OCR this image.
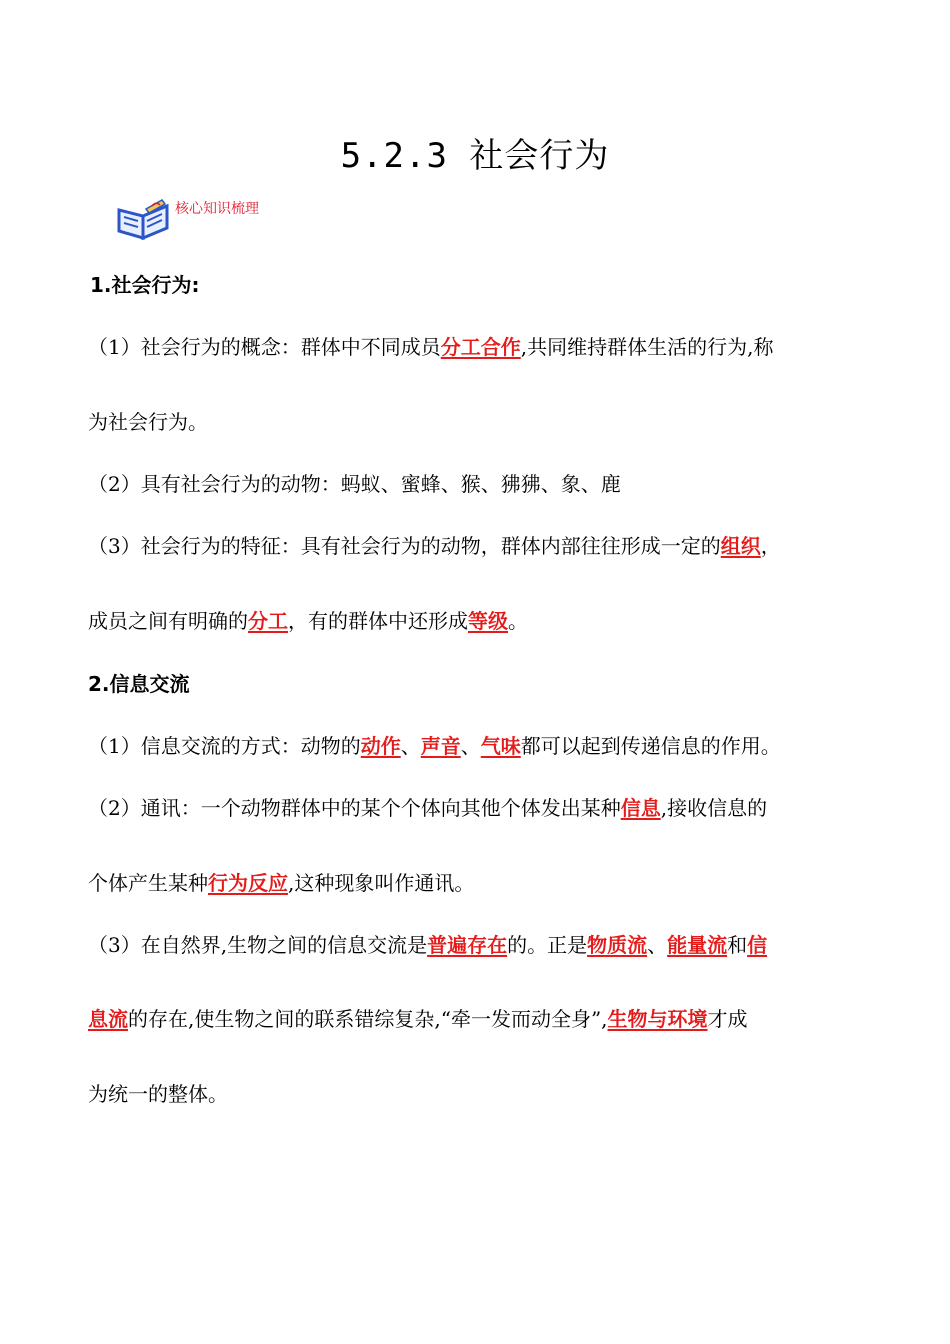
5.2.3 社会行为
核心知识梳理
1.社会行为:
（1）社会行为的概念：群体中不同成员分工合作,共同维持群体生活的行为,称
为社会行为。
（2）具有社会行为的动物：蚂蚁、蜜蜂、猴、狒狒、象、鹿
（3）社会行为的特征：具有社会行为的动物，群体内部往往形成一定的组织，
成员之间有明确的分工，有的群体中还形成等级。
2.信息交流
（1）信息交流的方式：动物的动作、声音、气味都可以起到传递信息的作用。
（2）通讯：一个动物群体中的某个个体向其他个体发出某种信息,接收信息的
个体产生某种行为反应,这种现象叫作通讯。
（3）在自然界,生物之间的信息交流是普遍存在的。正是物质流、能量流和信
息流的存在,使生物之间的联系错综复杂,“牵一发而动全身”,生物与环境才成
为统一的整体。
